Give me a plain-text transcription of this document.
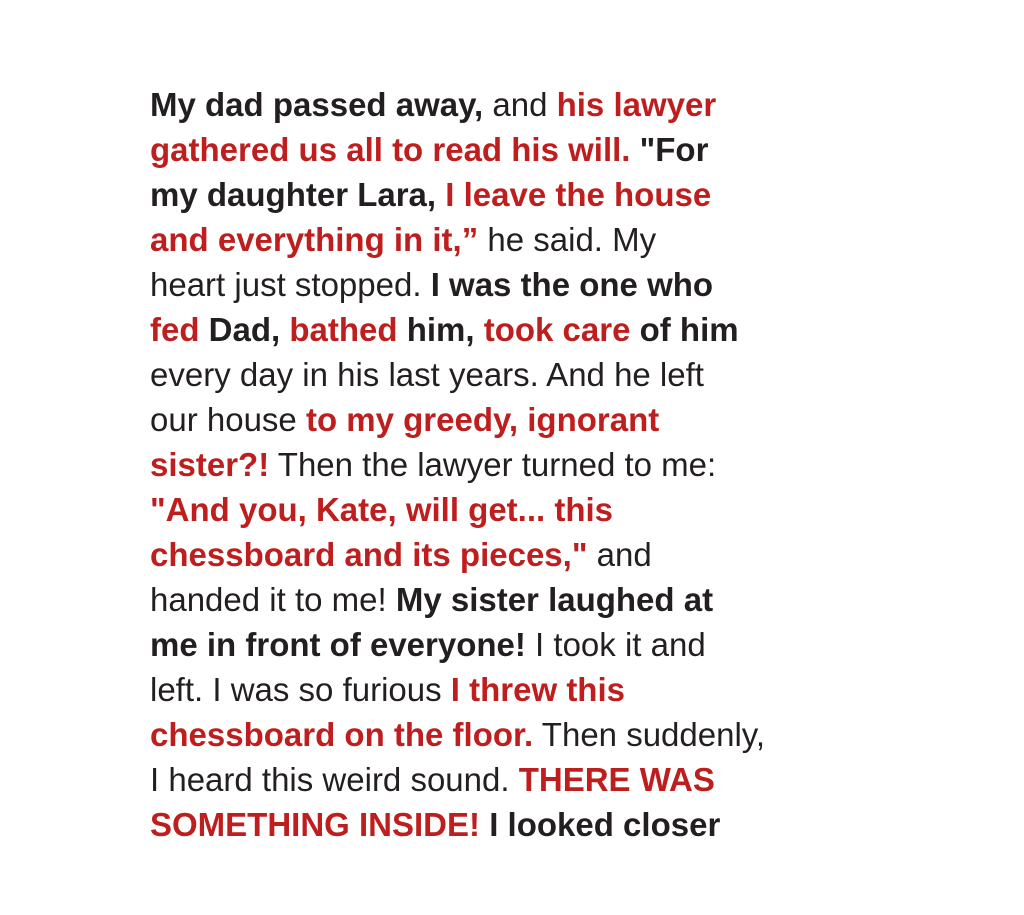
My dad passed away, and his lawyer
gathered us all to read his will. "For
my daughter Lara, I leave the house
and everything in it,” he said. My
heart just stopped. I was the one who
fed Dad, bathed him, took care of him
every day in his last years. And he left
our house to my greedy, ignorant
sister?! Then the lawyer turned to me:
"And you, Kate, will get... this
chessboard and its pieces," and
handed it to me! My sister laughed at
me in front of everyone! I took it and
left. I was so furious I threw this
chessboard on the floor. Then suddenly,
I heard this weird sound. THERE WAS
SOMETHING INSIDE! I looked closer
